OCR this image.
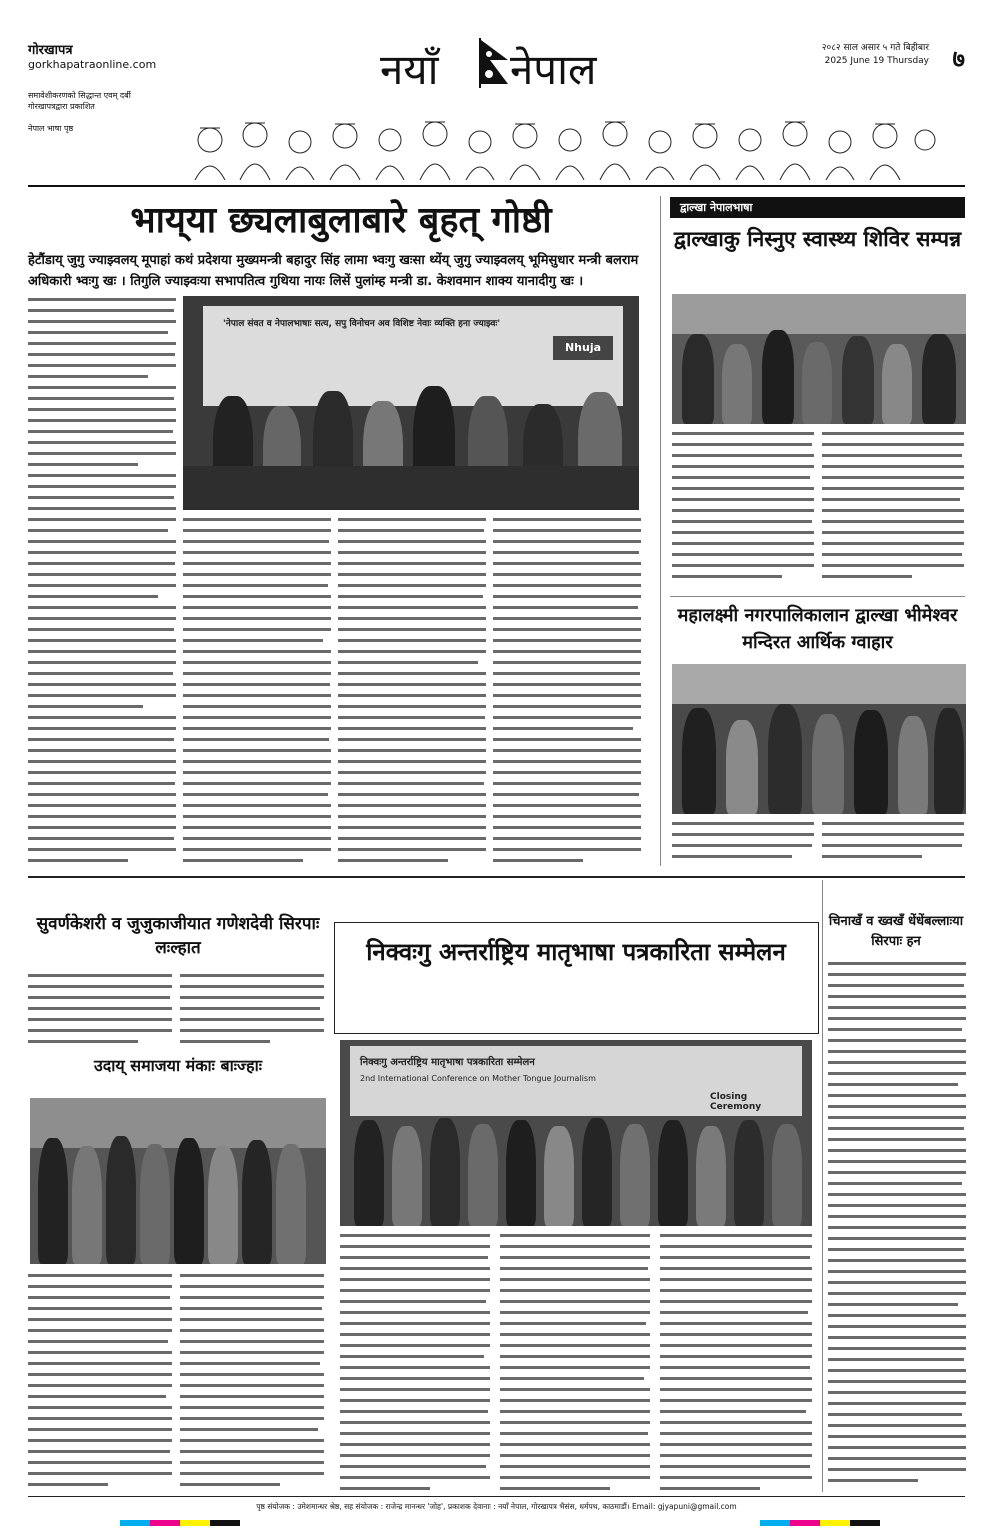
गोरखापत्र
gorkhapatraonline.com
समावेशीकरणको सिद्धान्त एवम् दर्बी
गोरखापत्रद्वारा प्रकाशित
नेपाल भाषा पृष्ठ
नयाँ नेपाल	२०८२ साल असार ५ गते बिहीबार
2025 June 19 Thursday ७
भाय्‌या छ्यलाबुलाबारे बृहत्‌ गोष्ठी
हेटौंडाय् जुगु ज्याझ्वलय् मूपाहां कथं प्रदेशया मुख्यमन्त्री बहादुर सिंह लामा भ्वःगु खःसा थ्येंय् जुगु ज्याझ्वलय् भूमिसुधार मन्त्री बलराम अधिकारी भ्वःगु खः । तिगुलि ज्याझ्वःया सभापतित्व गुथिया नायः लिसें पुलांम्ह मन्त्री डा. केशवमान शाक्य यानादीगु खः ।
'नेपाल संवत व नेपालभाषाः सत्य, सपु विनोचन अव विशिष्ट नेवाः व्यक्ति हना ज्याझ्वः'
Nhuja
द्वाल्खा नेपालभाषा
द्वाल्खाकु निस्नुए स्वास्थ्य शिविर सम्पन्न
महालक्ष्मी नगरपालिकालान द्वाल्खा भीमेश्वर मन्दिरत आर्थिक ग्वाहार
सुवर्णकेशरी व जुजुकाजीयात गणेशदेवी सिरपाः लःल्हात
उदाय् समाजया मंकाः बाःज्हाः
निक्वःगु अन्तर्राष्ट्रिय मातृभाषा पत्रकारिता सम्मेलन
निक्वःगु अन्तर्राष्ट्रिय मातृभाषा पत्रकारिता सम्मेलन
2nd International Conference on Mother Tongue Journalism
Closing Ceremony
चिनाखँ व ख्वखँ धेंधेंबल्लाःया सिरपाः हन
पृष्ठ संयोजक : उमेशमान्धर श्रेष्ठ, सह संयोजक : राजेन्द्र मानन्धर 'जोह', प्रकाशक देवानाः : नयाँ नेपाल, गोरखापत्र भैसंस, धर्मपथ, काठमाडौं। Email: gjyapuni@gmail.com
